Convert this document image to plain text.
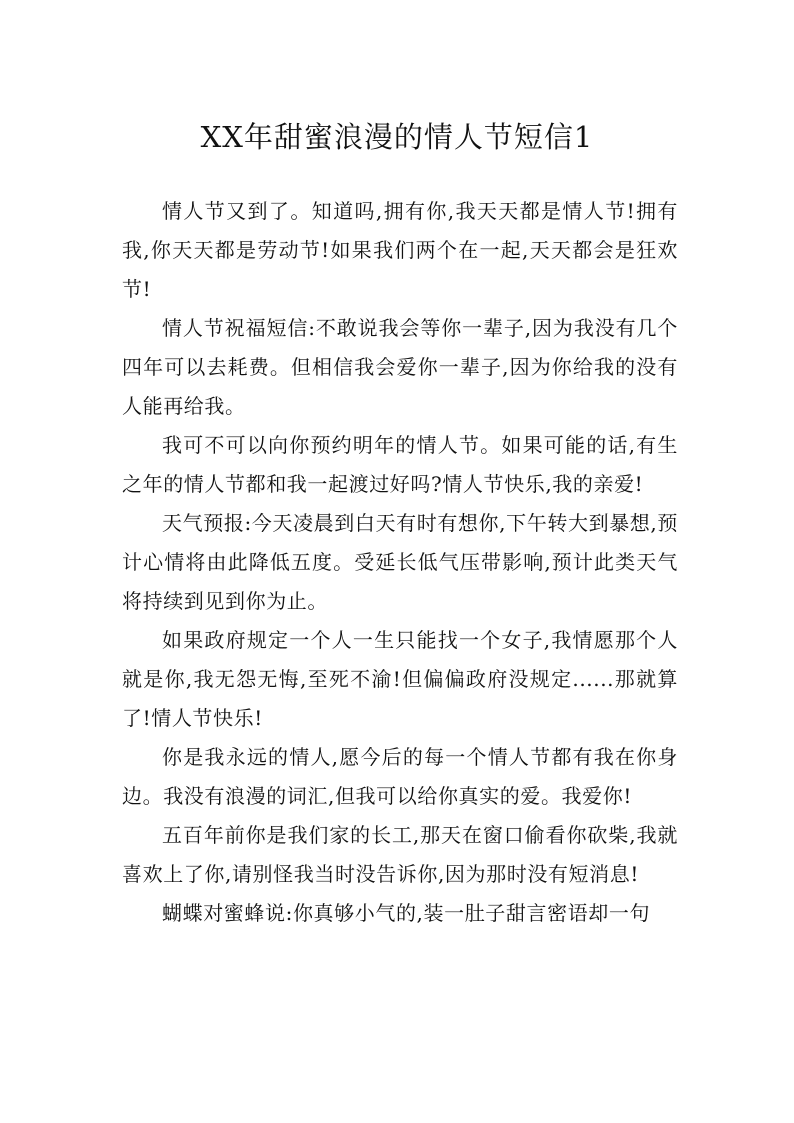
XX年甜蜜浪漫的情人节短信1

情人节又到了。知道吗,拥有你,我天天都是情人节!拥有我,你天天都是劳动节!如果我们两个在一起,天天都会是狂欢节!

情人节祝福短信:不敢说我会等你一辈子,因为我没有几个四年可以去耗费。但相信我会爱你一辈子,因为你给我的没有人能再给我。

我可不可以向你预约明年的情人节。如果可能的话,有生之年的情人节都和我一起渡过好吗?情人节快乐,我的亲爱!

天气预报:今天凌晨到白天有时有想你,下午转大到暴想,预计心情将由此降低五度。受延长低气压带影响,预计此类天气将持续到见到你为止。

如果政府规定一个人一生只能找一个女子,我情愿那个人就是你,我无怨无悔,至死不渝!但偏偏政府没规定......那就算了!情人节快乐!

你是我永远的情人,愿今后的每一个情人节都有我在你身边。我没有浪漫的词汇,但我可以给你真实的爱。我爱你!

五百年前你是我们家的长工,那天在窗口偷看你砍柴,我就喜欢上了你,请别怪我当时没告诉你,因为那时没有短消息!

蝴蝶对蜜蜂说:你真够小气的,装一肚子甜言密语却一句
